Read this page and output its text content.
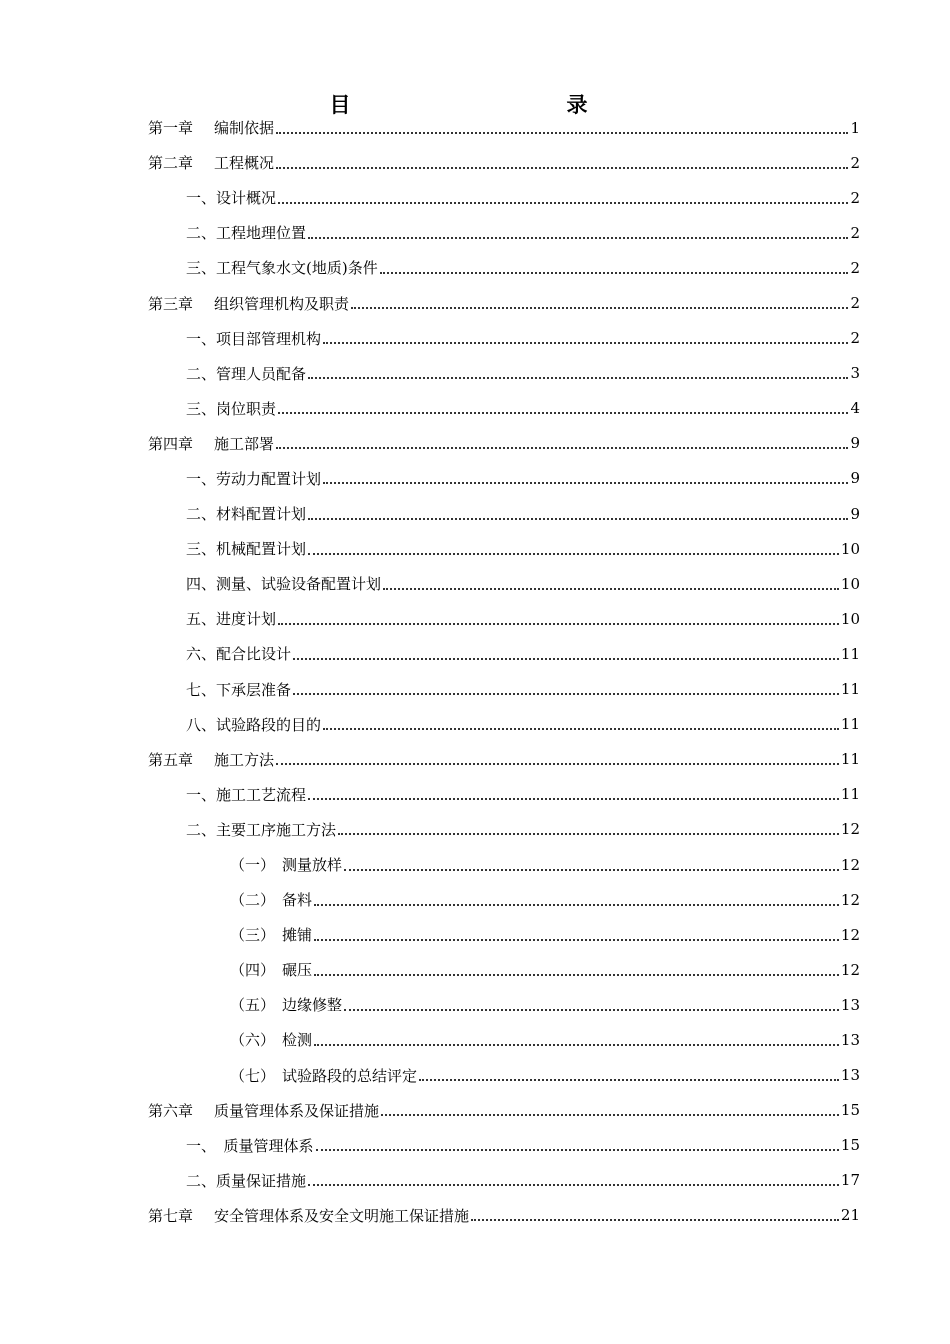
目　　录
第一章	编制依据	1
第二章	工程概况	2
一、设计概况	2
二、工程地理位置	2
三、工程气象水文(地质)条件	2
第三章	组织管理机构及职责	2
一、项目部管理机构	2
二、管理人员配备	3
三、岗位职责	4
第四章	施工部署	9
一、劳动力配置计划	9
二、材料配置计划	9
三、机械配置计划	10
四、测量、试验设备配置计划	10
五、进度计划	10
六、配合比设计	11
七、下承层准备	11
八、试验路段的目的	11
第五章	施工方法	11
一、施工工艺流程	11
二、主要工序施工方法	12
（一） 测量放样	12
（二） 备料	12
（三） 摊铺	12
（四） 碾压	12
（五） 边缘修整	13
（六） 检测	13
（七） 试验路段的总结评定	13
第六章	质量管理体系及保证措施	15
一、　质量管理体系	15
二、质量保证措施	17
第七章	安全管理体系及安全文明施工保证措施	21
